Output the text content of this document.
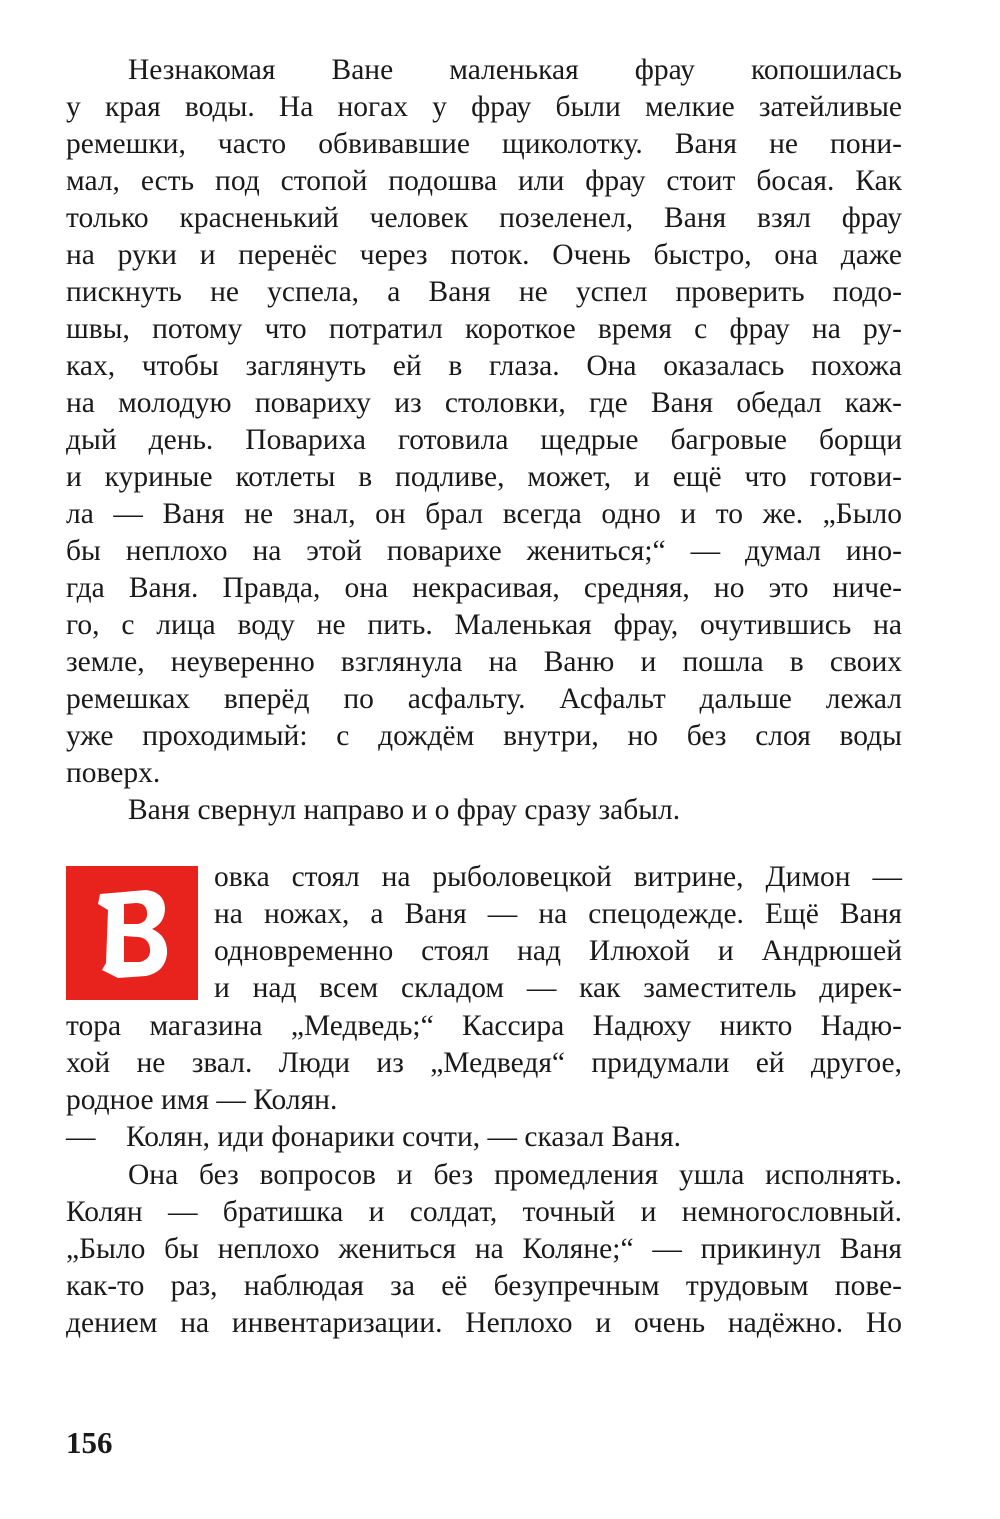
Незнакомая Ване маленькая фрау копошилась
у края воды. На ногах у фрау были мелкие затейливые
ремешки, часто обвивавшие щиколотку. Ваня не пони-
мал, есть под стопой подошва или фрау стоит босая. Как
только красненький человек позеленел, Ваня взял фрау
на руки и перенёс через поток. Очень быстро, она даже
пискнуть не успела, а Ваня не успел проверить подо-
швы, потому что потратил короткое время с фрау на ру-
ках, чтобы заглянуть ей в глаза. Она оказалась похожа
на молодую повариху из столовки, где Ваня обедал каж-
дый день. Повариха готовила щедрые багровые борщи
и куриные котлеты в подливе, может, и ещё что готови-
ла — Ваня не знал, он брал всегда одно и то же. „Было
бы неплохо на этой поварихе жениться;“ — думал ино-
гда Ваня. Правда, она некрасивая, средняя, но это ниче-
го, с лица воду не пить. Маленькая фрау, очутившись на
земле, неуверенно взглянула на Ваню и пошла в своих
ремешках вперёд по асфальту. Асфальт дальше лежал
уже проходимый: с дождём внутри, но без слоя воды
поверх.
Ваня свернул направо и о фрау сразу забыл.
овка стоял на рыболовецкой витрине, Димон —
на ножах, а Ваня — на спецодежде. Ещё Ваня
одновременно стоял над Илюхой и Андрюшей
и над всем складом — как заместитель дирек-
тора магазина „Медведь;“ Кассира Надюху никто Надю-
хой не звал. Люди из „Медведя“ придумали ей другое,
родное имя — Колян.
— Колян, иди фонарики сочти, — сказал Ваня.
Она без вопросов и без промедления ушла исполнять.
Колян — братишка и солдат, точный и немногословный.
„Было бы неплохо жениться на Коляне;“ — прикинул Ваня
как-то раз, наблюдая за её безупречным трудовым пове-
дением на инвентаризации. Неплохо и очень надёжно. Но
156
